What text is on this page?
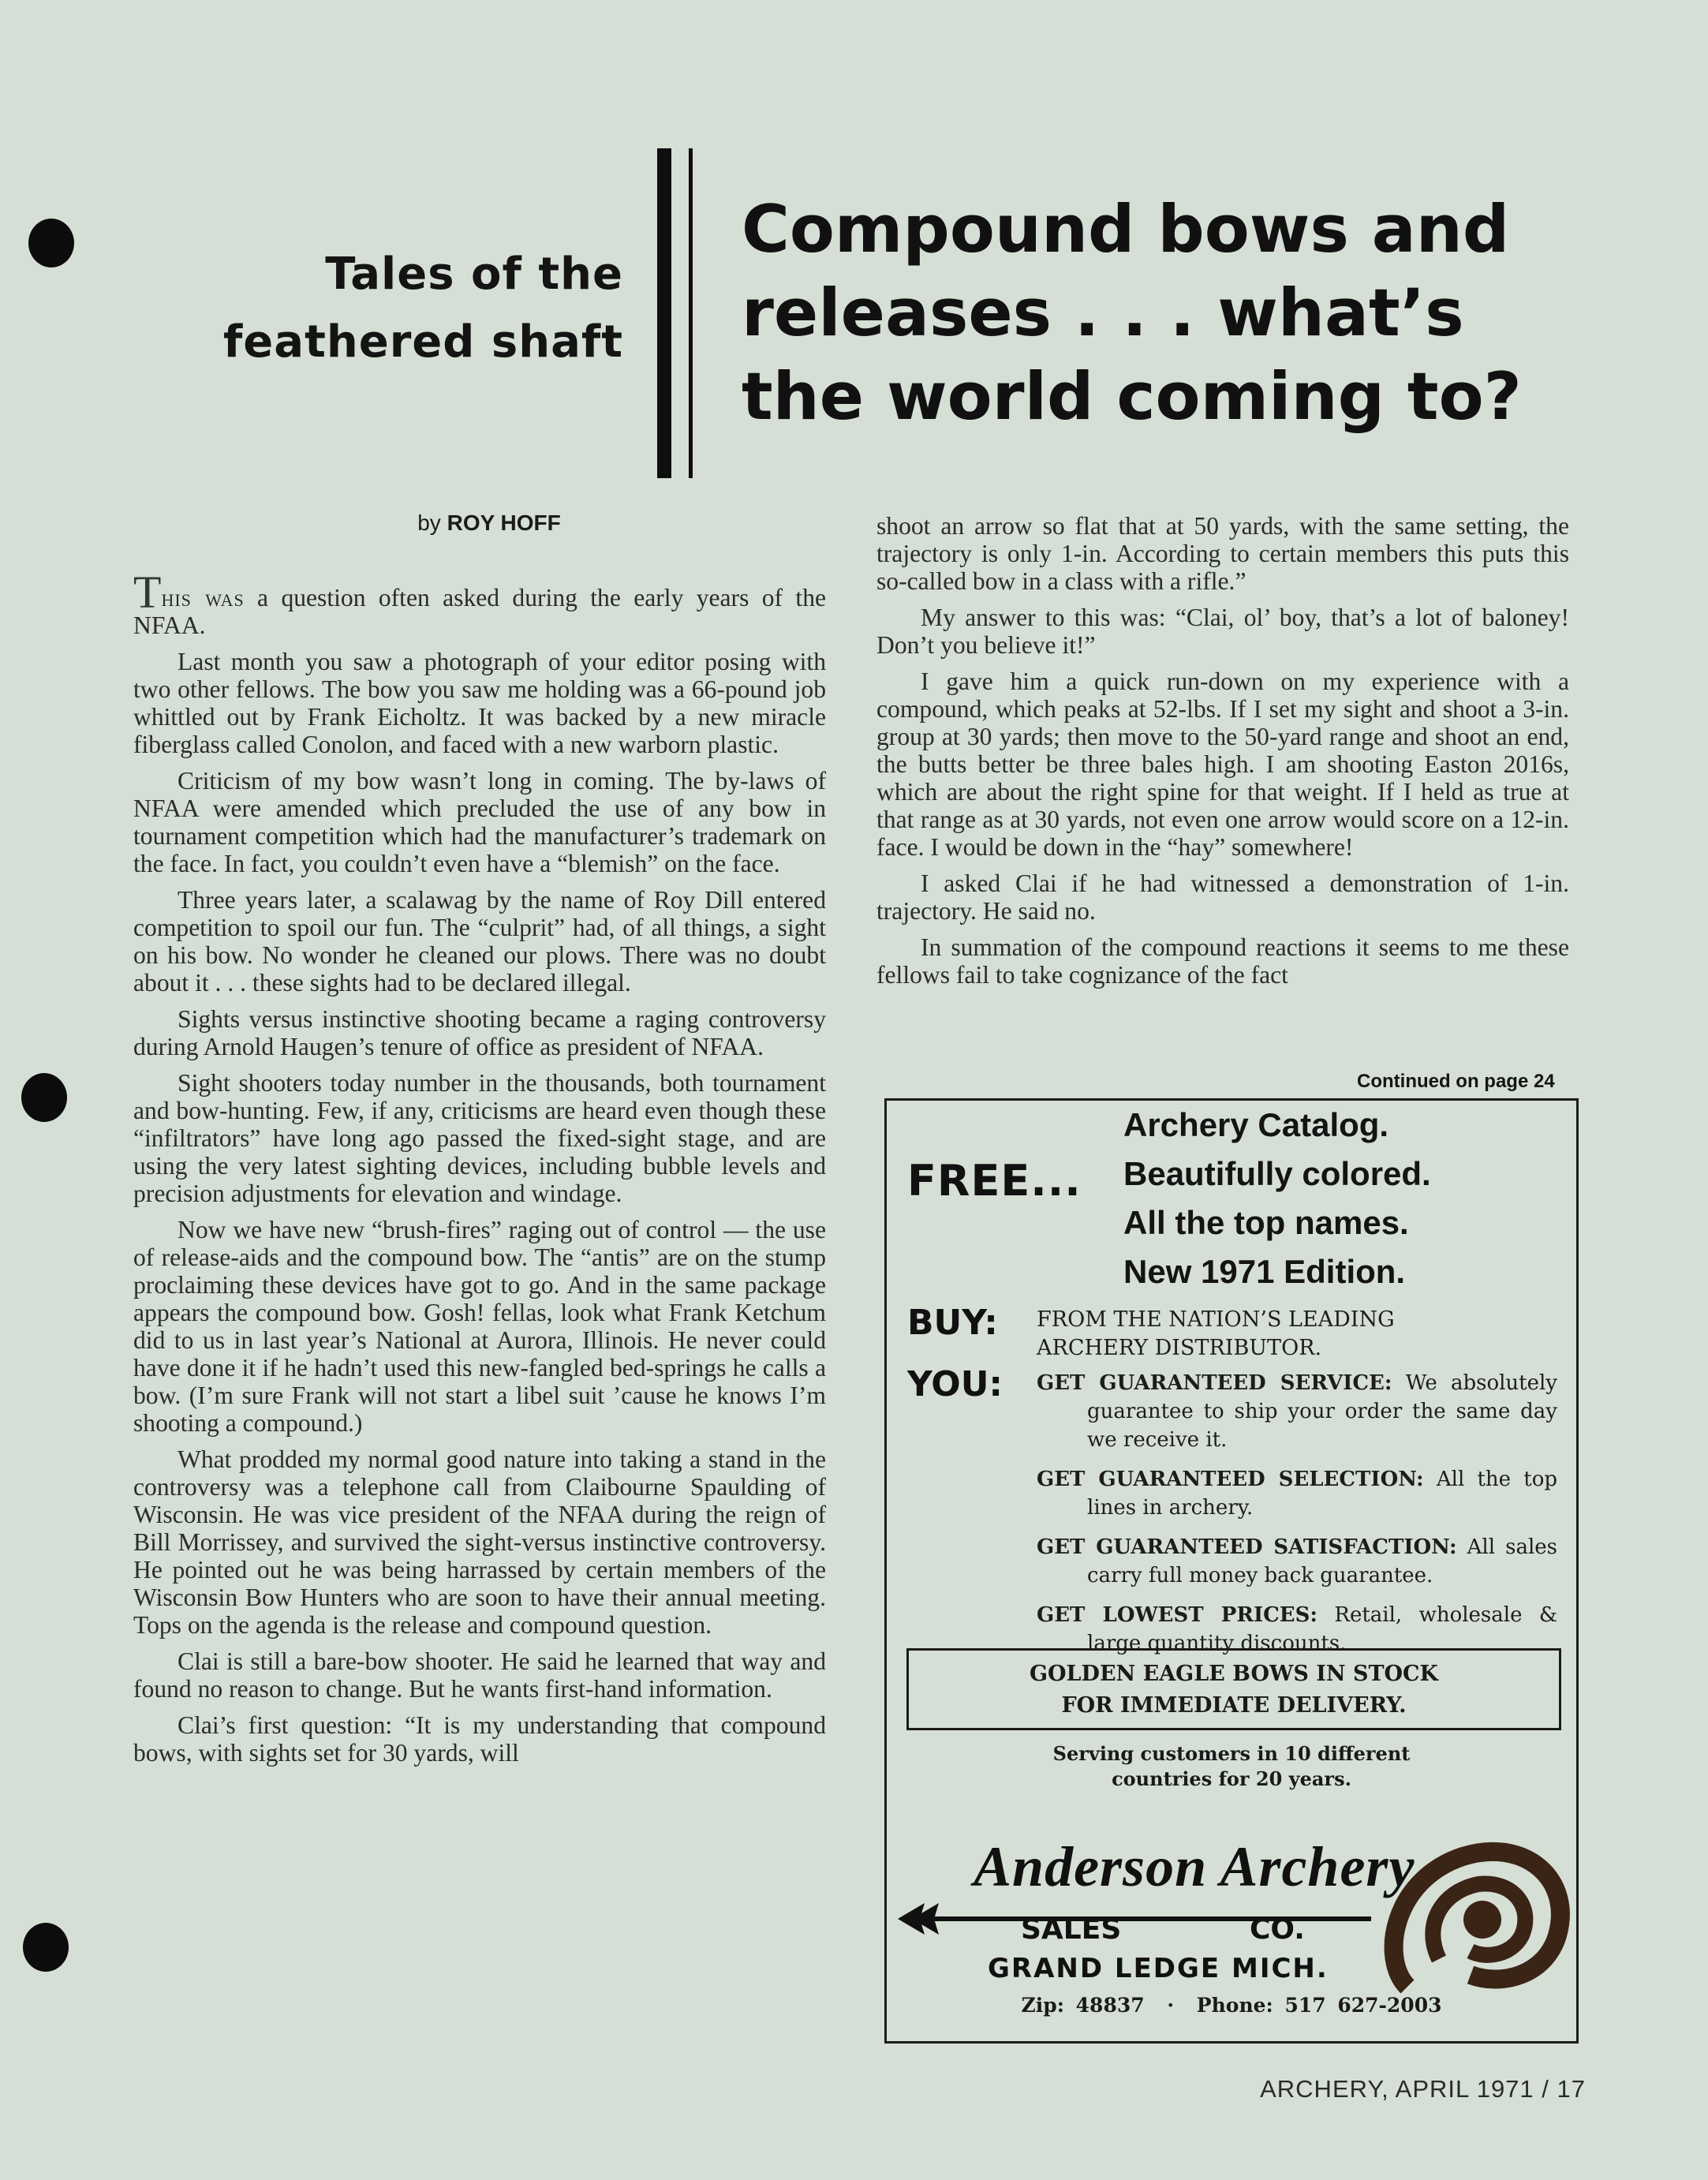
Tales of the
feathered shaft
Compound bows and
releases . . . what’s
the world coming to?
by ROY HOFF

This was a question often asked during the early years of the NFAA.

Last month you saw a photograph of your editor posing with two other fellows. The bow you saw me holding was a 66-pound job whittled out by Frank Eicholtz. It was backed by a new miracle fiberglass called Conolon, and faced with a new warborn plastic.

Criticism of my bow wasn’t long in coming. The by-laws of NFAA were amended which precluded the use of any bow in tournament competition which had the manufacturer’s trademark on the face. In fact, you couldn’t even have a “blemish” on the face.

Three years later, a scalawag by the name of Roy Dill entered competition to spoil our fun. The “culprit” had, of all things, a sight on his bow. No wonder he cleaned our plows. There was no doubt about it . . . these sights had to be declared illegal.

Sights versus instinctive shooting became a raging controversy during Arnold Haugen’s tenure of office as president of NFAA.

Sight shooters today number in the thousands, both tournament and bow-hunting. Few, if any, criticisms are heard even though these “infiltrators” have long ago passed the fixed-sight stage, and are using the very latest sighting devices, including bubble levels and precision adjustments for elevation and windage.

Now we have new “brush-fires” raging out of control — the use of release-aids and the compound bow. The “antis” are on the stump proclaiming these devices have got to go. And in the same package appears the compound bow. Gosh! fellas, look what Frank Ketchum did to us in last year’s National at Aurora, Illinois. He never could have done it if he hadn’t used this new-fangled bed-springs he calls a bow. (I’m sure Frank will not start a libel suit ’cause he knows I’m shooting a compound.)

What prodded my normal good nature into taking a stand in the controversy was a telephone call from Claibourne Spaulding of Wisconsin. He was vice president of the NFAA during the reign of Bill Morrissey, and survived the sight-versus instinctive controversy. He pointed out he was being harrassed by certain members of the Wisconsin Bow Hunters who are soon to have their annual meeting. Tops on the agenda is the release and compound question.

Clai is still a bare-bow shooter. He said he learned that way and found no reason to change. But he wants first-hand information.

Clai’s first question: “It is my understanding that compound bows, with sights set for 30 yards, will

shoot an arrow so flat that at 50 yards, with the same setting, the trajectory is only 1-in. According to certain members this puts this so-called bow in a class with a rifle.”

My answer to this was: “Clai, ol’ boy, that’s a lot of baloney! Don’t you believe it!”

I gave him a quick run-down on my experience with a compound, which peaks at 52-lbs. If I set my sight and shoot a 3-in. group at 30 yards; then move to the 50-yard range and shoot an end, the butts better be three bales high. I am shooting Easton 2016s, which are about the right spine for that weight. If I held as true at that range as at 30 yards, not even one arrow would score on a 12-in. face. I would be down in the “hay” somewhere!

I asked Clai if he had witnessed a demonstration of 1-in. trajectory. He said no.

In summation of the compound reactions it seems to me these fellows fail to take cognizance of the fact

Continued on page 24
FREE...
Archery Catalog.
Beautifully colored.
All the top names.
New 1971 Edition.
BUY: FROM THE NATION’S LEADING ARCHERY DISTRIBUTOR.
YOU: GET GUARANTEED SERVICE: We absolutely guarantee to ship your order the same day we receive it.
GET GUARANTEED SELECTION: All the top lines in archery.
GET GUARANTEED SATISFACTION: All sales carry full money back guarantee.
GET LOWEST PRICES: Retail, wholesale & large quantity discounts.
GOLDEN EAGLE BOWS IN STOCK
FOR IMMEDIATE DELIVERY.
Serving customers in 10 different
countries for 20 years.
Anderson Archery
SALES	CO.
GRAND LEDGE MICH.
Zip: 48837 · Phone: 517 627-2003
ARCHERY, APRIL 1971 / 17
